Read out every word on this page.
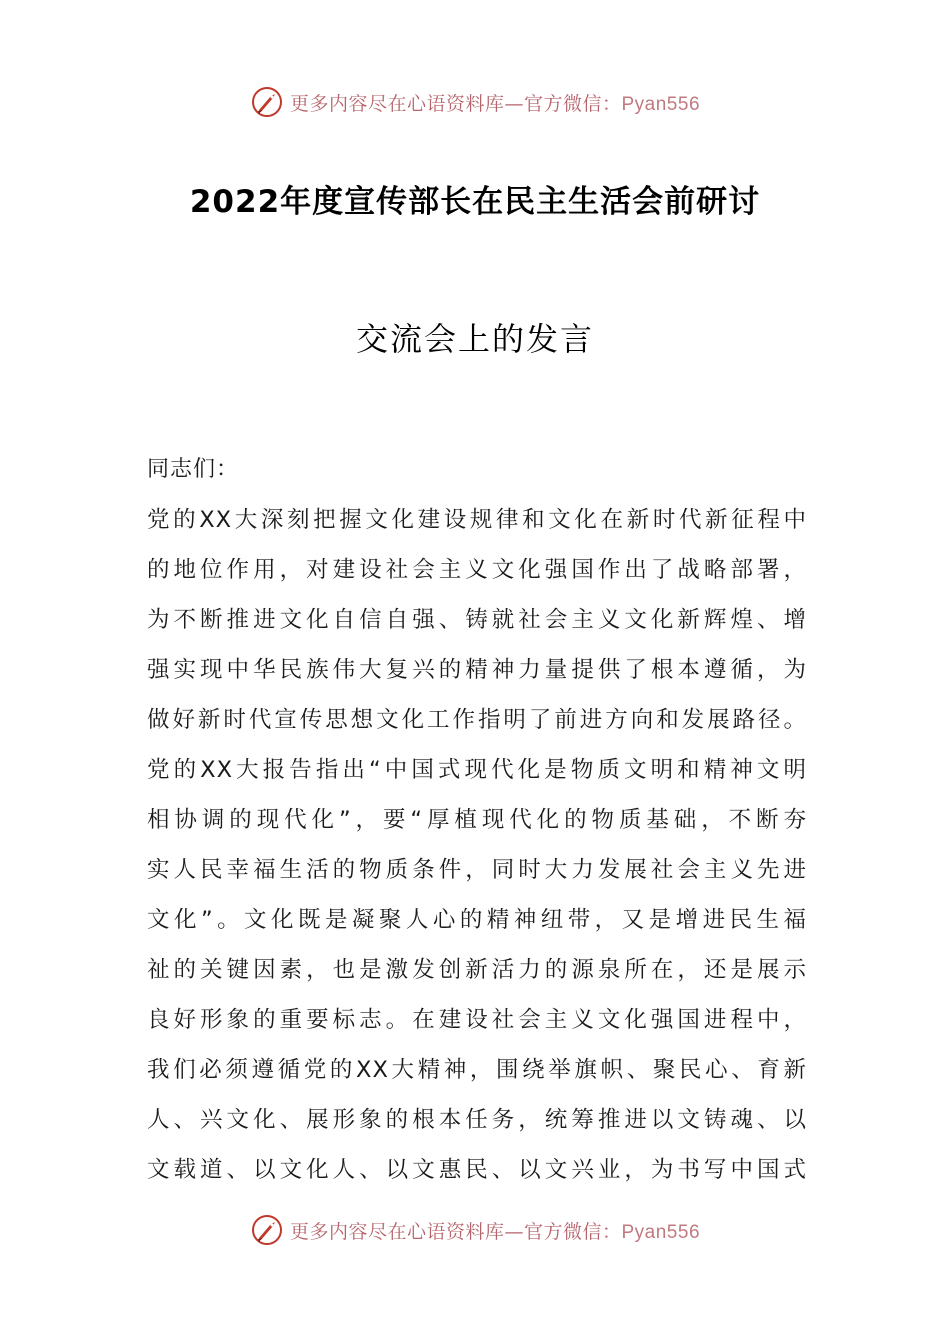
更多内容尽在心语资料库—官方微信：Pyan556
2022年度宣传部长在民主生活会前研讨
交流会上的发言
同志们：
党的XX大深刻把握文化建设规律和文化在新时代新征程中
的地位作用，对建设社会主义文化强国作出了战略部署，
为不断推进文化自信自强、铸就社会主义文化新辉煌、增
强实现中华民族伟大复兴的精神力量提供了根本遵循，为
做好新时代宣传思想文化工作指明了前进方向和发展路径。
党的XX大报告指出“中国式现代化是物质文明和精神文明
相协调的现代化”，要“厚植现代化的物质基础，不断夯
实人民幸福生活的物质条件，同时大力发展社会主义先进
文化”。文化既是凝聚人心的精神纽带，又是增进民生福
祉的关键因素，也是激发创新活力的源泉所在，还是展示
良好形象的重要标志。在建设社会主义文化强国进程中，
我们必须遵循党的XX大精神，围绕举旗帜、聚民心、育新
人、兴文化、展形象的根本任务，统筹推进以文铸魂、以
文载道、以文化人、以文惠民、以文兴业，为书写中国式
更多内容尽在心语资料库—官方微信：Pyan556
